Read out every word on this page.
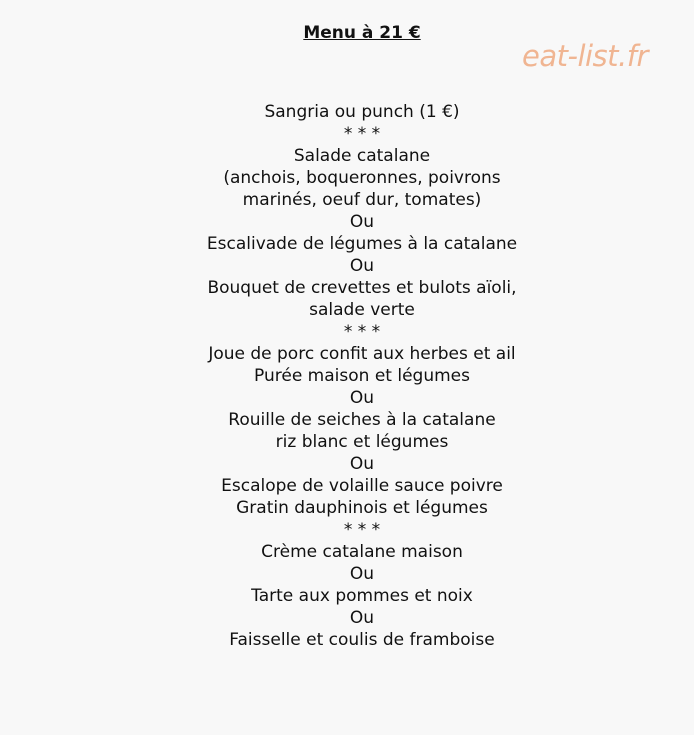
Menu à 21 €
eat-list.fr
Sangria ou punch (1 €)
* * *
Salade catalane
(anchois, boqueronnes, poivrons
marinés, oeuf dur, tomates)
Ou
Escalivade de légumes à la catalane
Ou
Bouquet de crevettes et bulots aïoli,
salade verte
* * *
Joue de porc confit aux herbes et ail
Purée maison et légumes
Ou
Rouille de seiches à la catalane
riz blanc et légumes
Ou
Escalope de volaille sauce poivre
Gratin dauphinois et légumes
* * *
Crème catalane maison
Ou
Tarte aux pommes et noix
Ou
Faisselle et coulis de framboise
